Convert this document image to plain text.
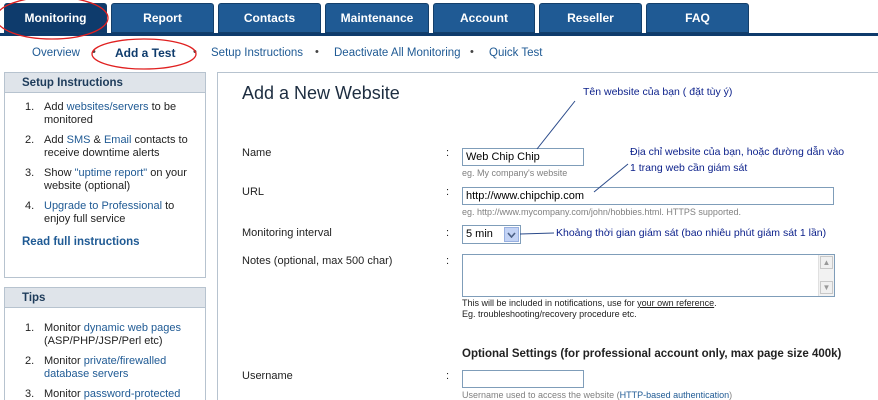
Monitoring	Report	Contacts	Maintenance	Account	Reseller	FAQ
Overview • Add a Test • Setup Instructions • Deactivate All Monitoring • Quick Test
Setup Instructions
1. Add websites/servers to be monitored
2. Add SMS & Email contacts to receive downtime alerts
3. Show "uptime report" on your website (optional)
4. Upgrade to Professional to enjoy full service
Read full instructions
Tips
1. Monitor dynamic web pages (ASP/PHP/JSP/Perl etc)
2. Monitor private/firewalled database servers
3. Monitor password-protected
Add a New Website
Name	:	Web Chip Chip
eg. My company's website
URL	:	http://www.chipchip.com
eg. http://www.mycompany.com/john/hobbies.html. HTTPS supported.
Monitoring interval	:	5 min
Notes (optional, max 500 char)	:	▲
▼
This will be included in notifications, use for your own reference.
Eg. troubleshooting/recovery procedure etc.
Optional Settings (for professional account only, max page size 400k)
Username	:
Username used to access the website (HTTP-based authentication)
Tên website của bạn ( đặt tùy ý)
Địa chỉ website của bạn, hoặc đường dẫn vào
1 trang web cần giám sát
Khoảng thời gian giám sát (bao nhiêu phút giám sát 1 lần)
